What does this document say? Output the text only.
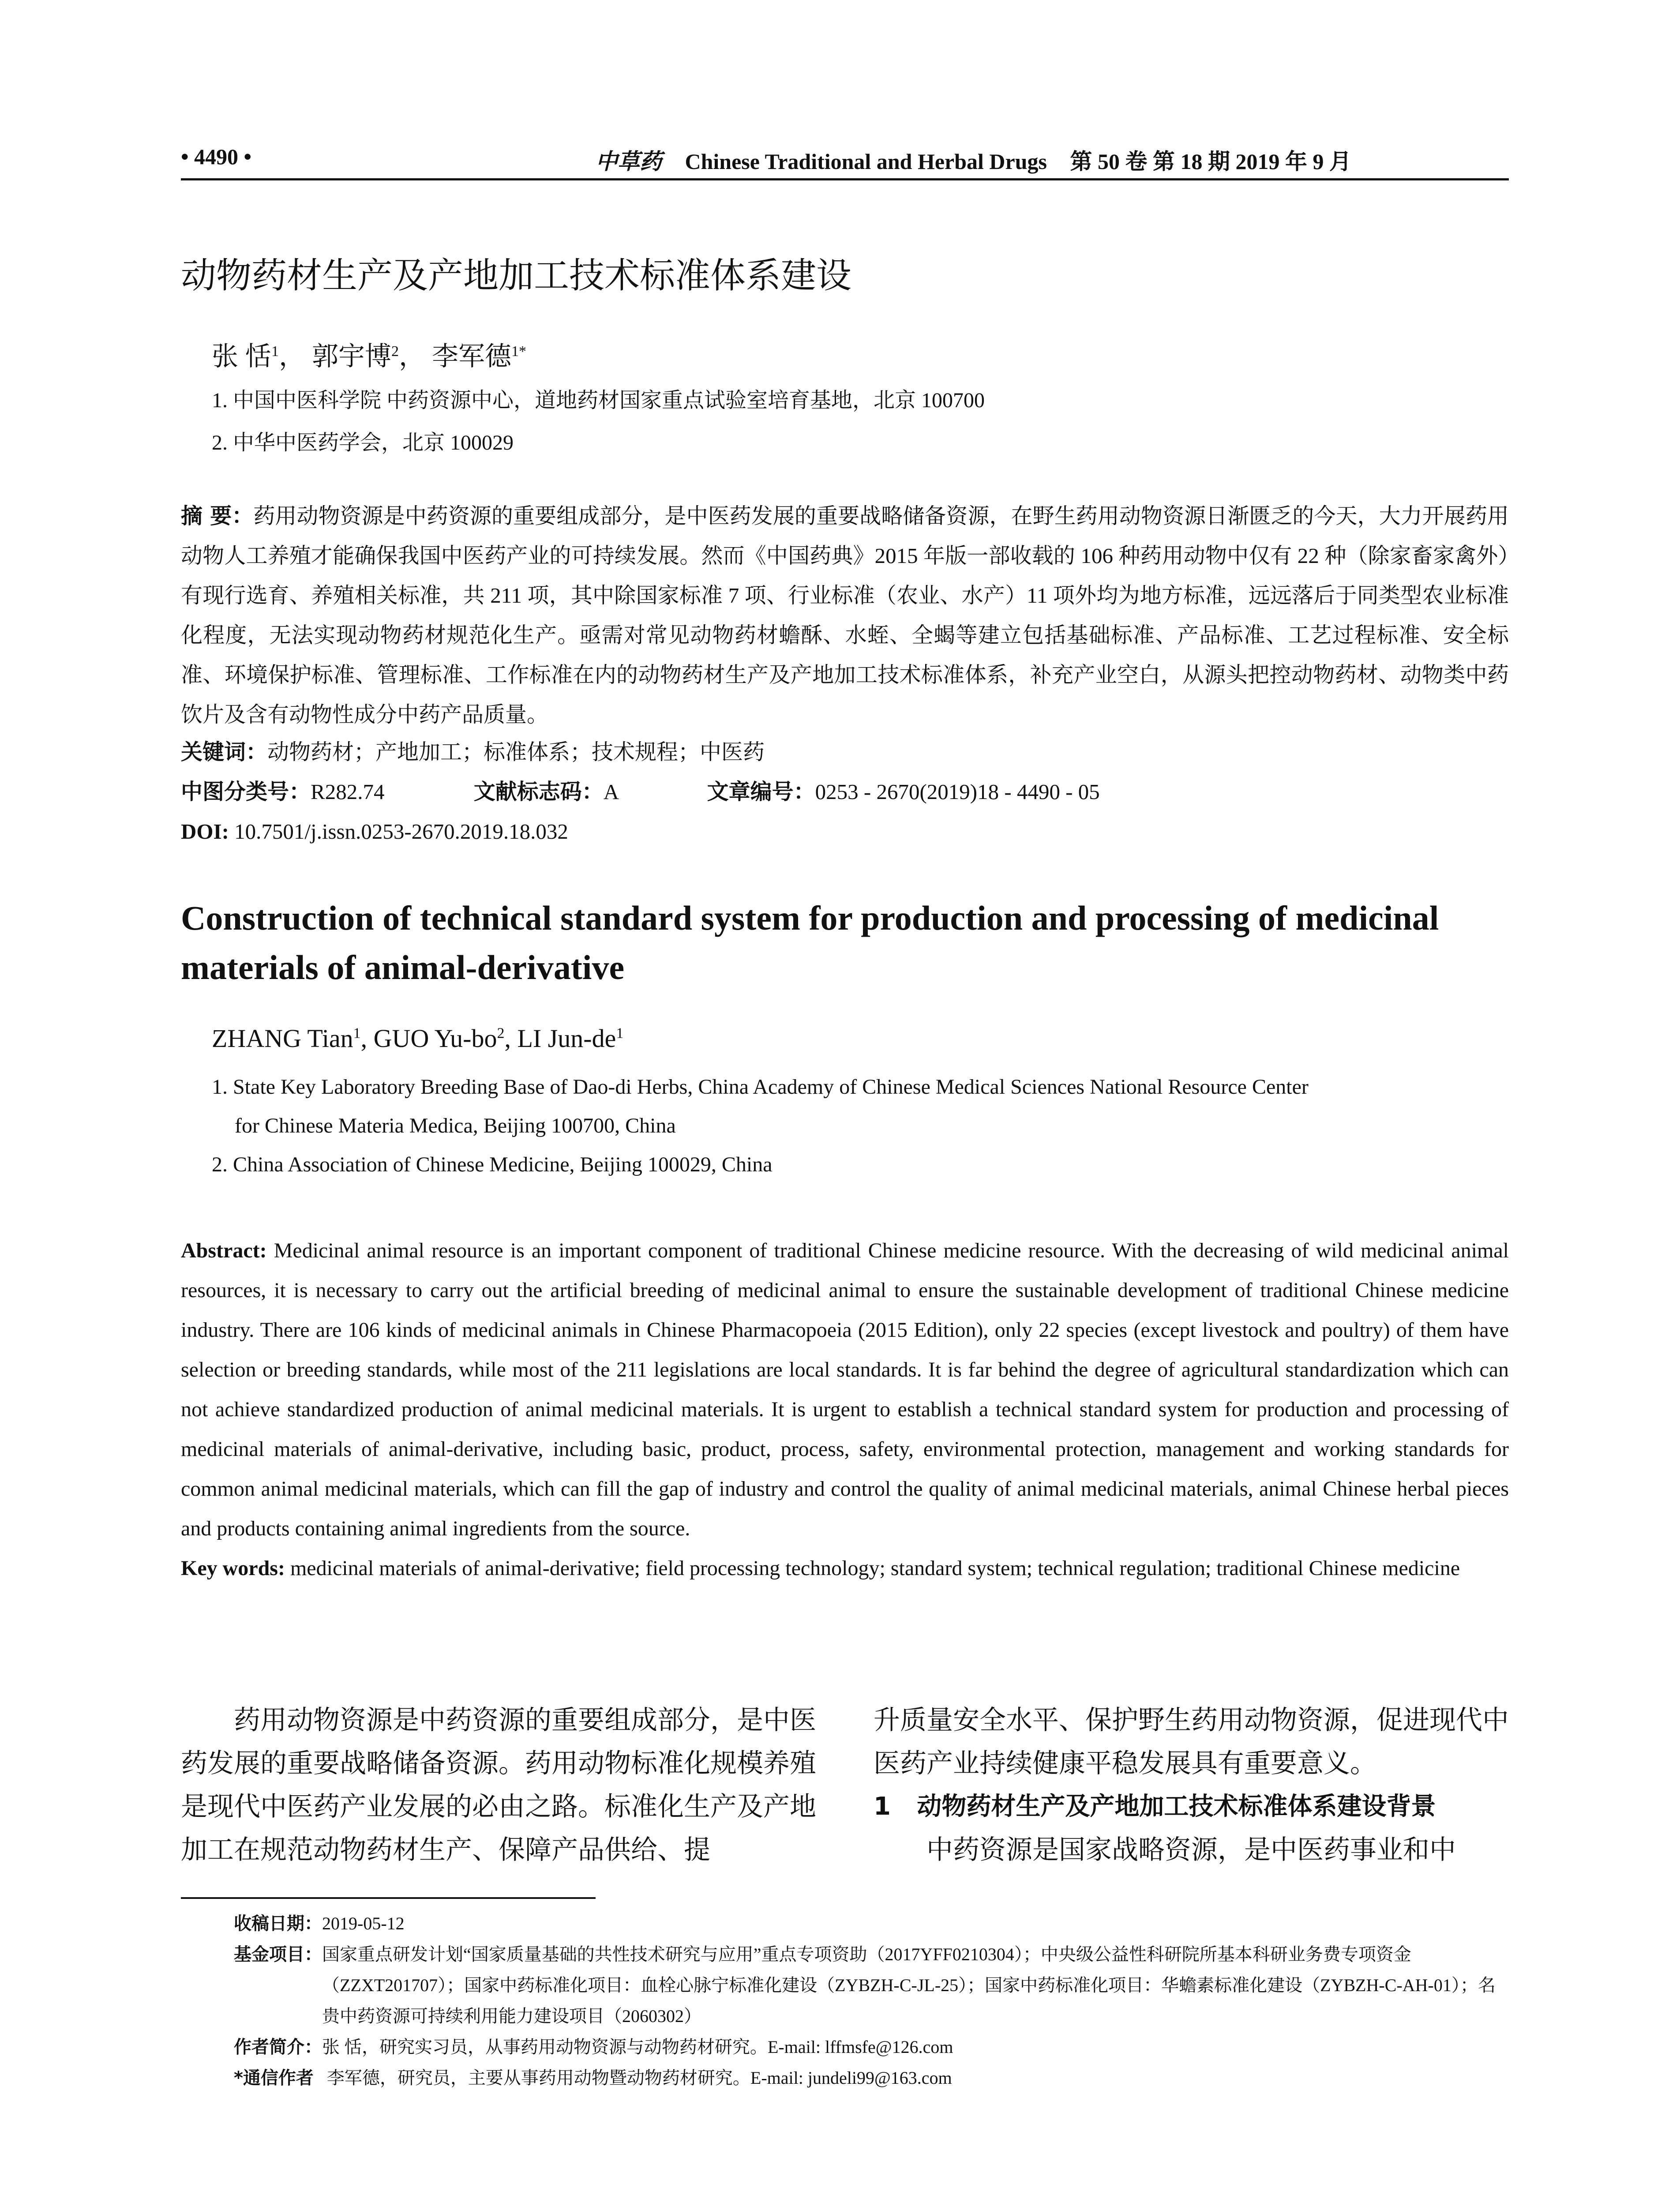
• 4490 •	中草药 Chinese Traditional and Herbal Drugs 第 50 卷 第 18 期 2019 年 9 月
动物药材生产及产地加工技术标准体系建设
张 恬$^1$， 郭宇博$^2$， 李军德$^{1*}$
1. 中国中医科学院 中药资源中心，道地药材国家重点试验室培育基地，北京 100700
2. 中华中医药学会，北京 100029
摘 要：药用动物资源是中药资源的重要组成部分，是中医药发展的重要战略储备资源，在野生药用动物资源日渐匮乏的今天，大力开展药用动物人工养殖才能确保我国中医药产业的可持续发展。然而《中国药典》2015 年版一部收载的 106 种药用动物中仅有 22 种（除家畜家禽外）有现行选育、养殖相关标准，共 211 项，其中除国家标准 7 项、行业标准（农业、水产）11 项外均为地方标准，远远落后于同类型农业标准化程度，无法实现动物药材规范化生产。亟需对常见动物药材蟾酥、水蛭、全蝎等建立包括基础标准、产品标准、工艺过程标准、安全标准、环境保护标准、管理标准、工作标准在内的动物药材生产及产地加工技术标准体系，补充产业空白，从源头把控动物药材、动物类中药饮片及含有动物性成分中药产品质量。
关键词：动物药材；产地加工；标准体系；技术规程；中医药
中图分类号：R282.74	文献标志码：A	文章编号：0253 - 2670(2019)18 - 4490 - 05
DOI: 10.7501/j.issn.0253-2670.2019.18.032
Construction of technical standard system for production and processing of medicinal materials of animal-derivative
ZHANG Tian$^1$, GUO $Yu-bo^2$, LI Jun-$de^1$
1. State Key Laboratory Breeding Base of Dao-di Herbs, China Academy of Chinese Medical Sciences National Resource Center
for Chinese Materia Medica, Beijing 100700, China
2. China Association of Chinese Medicine, Beijing 100029, China
Abstract: Medicinal animal resource is an important component of traditional Chinese medicine resource. With the decreasing of wild medicinal animal resources, it is necessary to carry out the artificial breeding of medicinal animal to ensure the sustainable development of traditional Chinese medicine industry. There are 106 kinds of medicinal animals in Chinese Pharmacopoeia (2015 Edition), only 22 species (except livestock and poultry) of them have selection or breeding standards, while most of the 211 legislations are local standards. It is far behind the degree of agricultural standardization which can not achieve standardized production of animal medicinal materials. It is urgent to establish a technical standard system for production and processing of medicinal materials of animal-derivative, including basic, product, process, safety, environmental protection, management and working standards for common animal medicinal materials, which can fill the gap of industry and control the quality of animal medicinal materials, animal Chinese herbal pieces and products containing animal ingredients from the source.
Key words: medicinal materials of animal-derivative; field processing technology; standard system; technical regulation; traditional Chinese medicine
药用动物资源是中药资源的重要组成部分，是中医药发展的重要战略储备资源。药用动物标准化规模养殖是现代中医药产业发展的必由之路。标准化生产及产地加工在规范动物药材生产、保障产品供给、提
升质量安全水平、保护野生药用动物资源，促进现代中医药产业持续健康平稳发展具有重要意义。
1 动物药材生产及产地加工技术标准体系建设背景
中药资源是国家战略资源，是中医药事业和中
收稿日期： 2019-05-12
基金项目： 国家重点研发计划“国家质量基础的共性技术研究与应用”重点专项资助（2017YFF0210304）；中央级公益性科研院所基本科研业务费专项资金（ZZXT201707）；国家中药标准化项目：血栓心脉宁标准化建设（ZYBZH-C-JL-25）；国家中药标准化项目：华蟾素标准化建设（ZYBZH-C-AH-01）；名贵中药资源可持续利用能力建设项目（2060302）
作者简介： 张 恬，研究实习员，从事药用动物资源与动物药材研究。E-mail: lffmsfe@126.com
*通信作者 李军德，研究员，主要从事药用动物暨动物药材研究。E-mail: jundeli99@163.com
